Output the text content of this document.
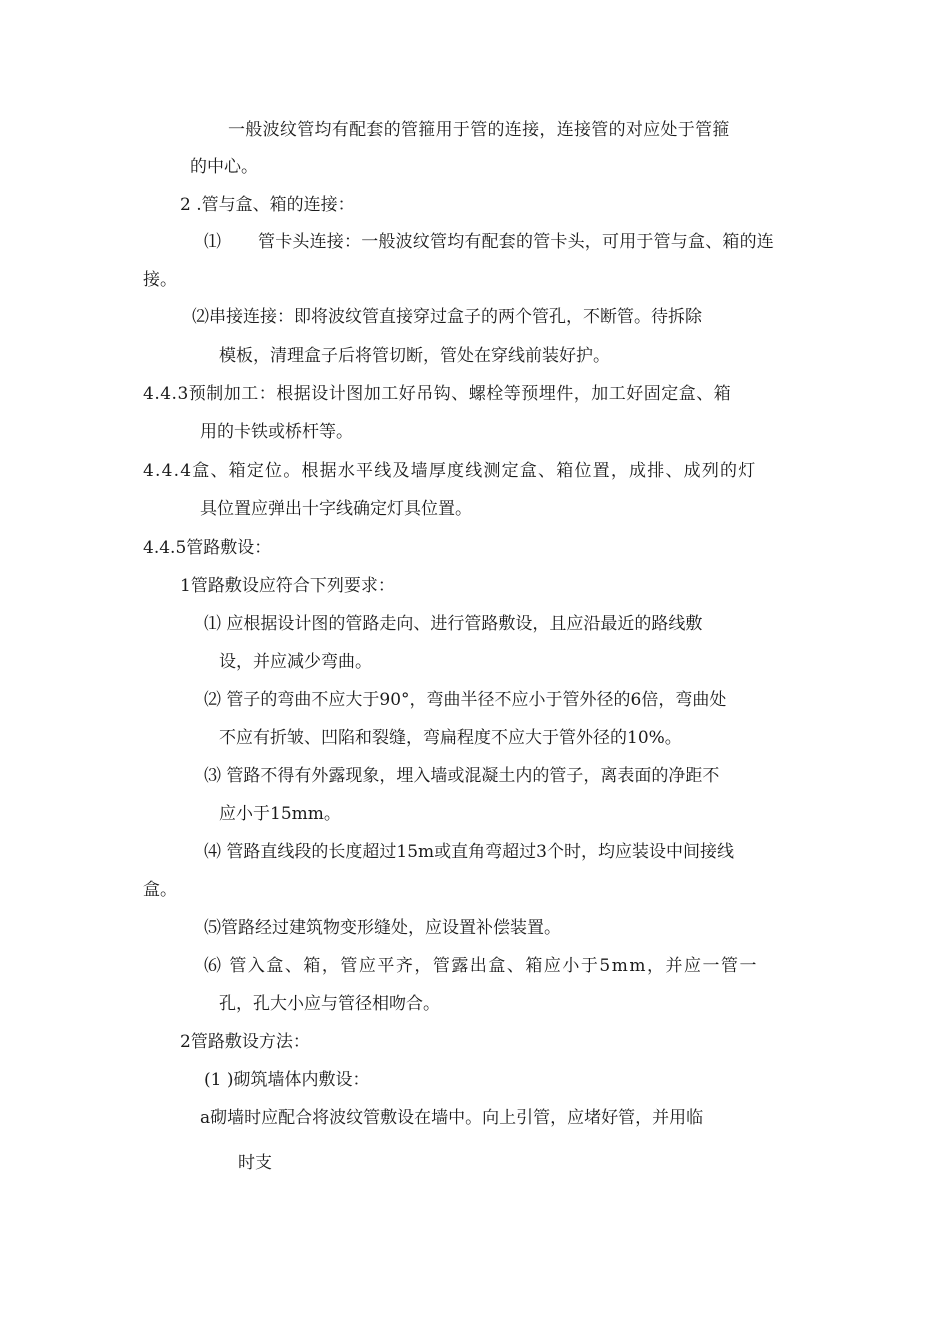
一般波纹管均有配套的管箍用于管的连接，连接管的对应处于管箍
的中心。
2 .管与盒、箱的连接：
⑴ 管卡头连接：一般波纹管均有配套的管卡头，可用于管与盒、箱的连
接。
⑵串接连接：即将波纹管直接穿过盒子的两个管孔，不断管。待拆除
模板，清理盒子后将管切断，管处在穿线前装好护。
4.4.3预制加工：根据设计图加工好吊钩、螺栓等预埋件，加工好固定盒、箱
用的卡铁或桥杆等。
4.4.4盒、箱定位。根据水平线及墙厚度线测定盒、箱位置，成排、成列的灯
具位置应弹出十字线确定灯具位置。
4.4.5管路敷设：
1管路敷设应符合下列要求：
⑴ 应根据设计图的管路走向、进行管路敷设，且应沿最近的路线敷
设，并应减少弯曲。
⑵ 管子的弯曲不应大于90°，弯曲半径不应小于管外径的6倍，弯曲处
不应有折皱、凹陷和裂缝，弯扁程度不应大于管外径的10%。
⑶ 管路不得有外露现象，埋入墙或混凝土内的管子，离表面的净距不
应小于15mm。
⑷ 管路直线段的长度超过15m或直角弯超过3个时，均应装设中间接线
盒。
⑸管路经过建筑物变形缝处，应设置补偿装置。
⑹ 管入盒、箱，管应平齐，管露出盒、箱应小于5mm，并应一管一
孔，孔大小应与管径相吻合。
2管路敷设方法：
(1 )砌筑墙体内敷设：
a砌墙时应配合将波纹管敷设在墙中。向上引管，应堵好管，并用临
时支
